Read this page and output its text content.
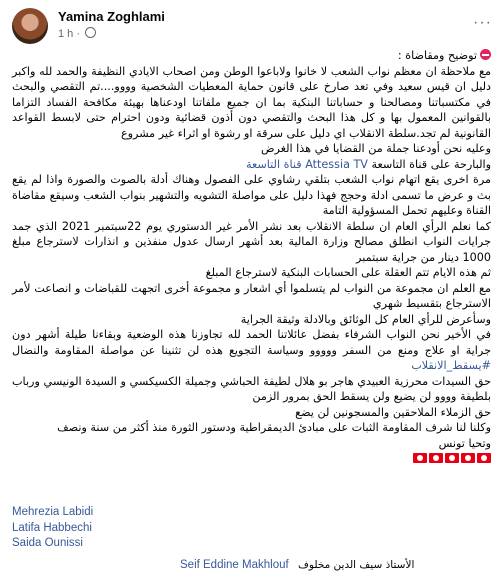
Yamina Zoghlami
1 h ·
···

توضيح ومقاضاة :

مع ملاحظة ان معظم نواب الشعب لا خانوا ولاباعوا الوطن ومن اصحاب الايادي النظيفة والحمد لله واكبر دليل ان قيس سعيد وفي تعد صارخ على قانون حماية المعطيات الشخصية وووو....تم التقصي والبحث في مكتسباتنا ومصالحنا و حساباتنا البنكية بما ان جميع ملفاتنا اودعناها بهيئة مكافحة الفساد التزاما بالقوانين المعمول بها و كل هذا البحث والتقصي دون أذون قضائية ودون احترام حتى لابسط القواعد القانونية لم تجد.سلطة الانقلاب اي دليل على سرقة او رشوة او اثراء غير مشروع

وعليه نحن أودعنا جملة من القضايا في هذا الغرض

والبارحة على قناة التاسعة Attessia TV قناة التاسعة

مرة اخرى يقع اتهام نواب الشعب بتلقي رشاوي على الفصول وهناك أدلة بالصوت والصورة واذا لم يقع بث و عرض ما تسمى ادلة وحجج فهذا دليل على مواصلة التشويه والتشهير بنواب الشعب وسيقع مقاضاة القناة وعليهم تحمل المسؤولية التامة

كما نعلم الرأي العام ان سلطة الانقلاب بعد نشر الأمر غير الدستوري يوم 22سبتمبر 2021 الذي جمد جرايات النواب انطلق مصالح وزارة المالية بعد أشهر ارسال عدول منفذين و انذارات لاسترجاع مبلغ 1000 دينار من جراية سبتمبر

ثم هذه الايام تتم العقلة على الحسابات البنكية لاسترجاع المبلغ

مع العلم ان مجموعة من النواب لم يتسلموا أي اشعار و مجموعة أخرى اتجهت للقباضات و انصاعت لأمر الاسترجاع بتقسيط شهري

وسأعرض للرأي العام كل الوثائق وبالادلة وثيقة الجراية

في الأخير نحن النواب الشرفاء بفضل عائلاتنا الحمد لله تجاوزنا هذه الوضعية وبقاءنا طيلة أشهر دون جراية او علاج ومنع من السفر ووووو وسياسة التجويع هذه لن تثنينا عن مواصلة المقاومة والنضال #يسقط_الانقلاب

حق السيدات محرزية العبيدي هاجر بو هلال لطيفة الحباشي وجميلة الكسيكسي و السيدة الونيسي ورباب بلطيفة وووو لن يضيع ولن يسقط الحق بمرور الزمن

حق الزملاء الملاحقين والمسجونين لن يضع

وكلنا لنا شرف المقاومة الثبات على مبادئ الديمقراطية ودستور الثورة منذ أكثر من سنة ونصف

وتحيا تونس

Mehrezia Labidi
Latifa Habbechi
Saida Ounissi
الأستاذ سيف الدين مخلوف Seif Eddine Makhlouf
